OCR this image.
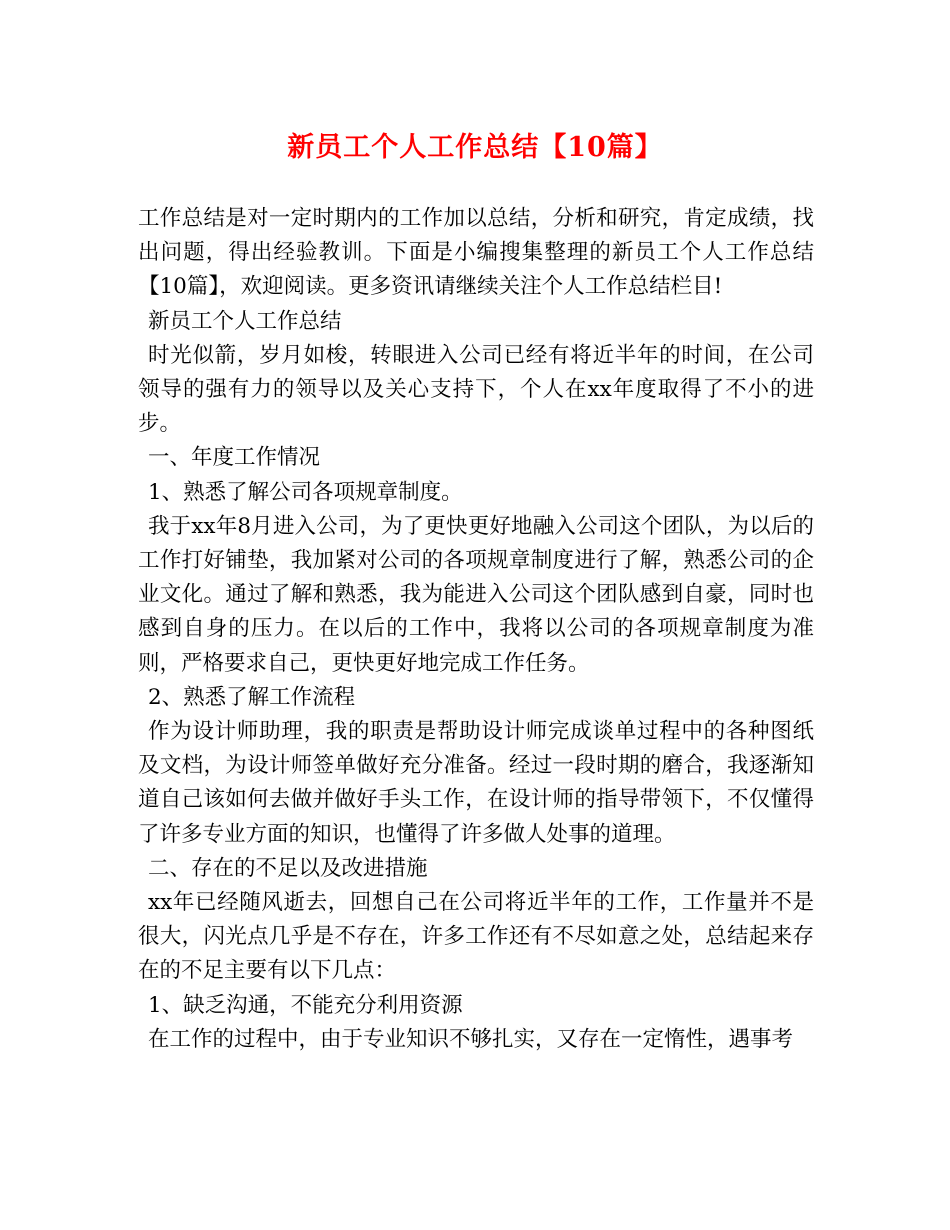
新员工个人工作总结【10篇】

工作总结是对一定时期内的工作加以总结，分析和研究，肯定成绩，找出问题，得出经验教训。下面是小编搜集整理的新员工个人工作总结【10篇】，欢迎阅读。更多资讯请继续关注个人工作总结栏目!

新员工个人工作总结

时光似箭，岁月如梭，转眼进入公司已经有将近半年的时间，在公司领导的强有力的领导以及关心支持下，个人在xx年度取得了不小的进步。

一、年度工作情况

1、熟悉了解公司各项规章制度。

我于xx年8月进入公司，为了更快更好地融入公司这个团队，为以后的工作打好铺垫，我加紧对公司的各项规章制度进行了解，熟悉公司的企业文化。通过了解和熟悉，我为能进入公司这个团队感到自豪，同时也感到自身的压力。在以后的工作中，我将以公司的各项规章制度为准则，严格要求自己，更快更好地完成工作任务。

2、熟悉了解工作流程

作为设计师助理，我的职责是帮助设计师完成谈单过程中的各种图纸及文档，为设计师签单做好充分准备。经过一段时期的磨合，我逐渐知道自己该如何去做并做好手头工作，在设计师的指导带领下，不仅懂得了许多专业方面的知识，也懂得了许多做人处事的道理。

二、存在的不足以及改进措施

xx年已经随风逝去，回想自己在公司将近半年的工作，工作量并不是很大，闪光点几乎是不存在，许多工作还有不尽如意之处，总结起来存在的不足主要有以下几点：

1、缺乏沟通，不能充分利用资源

在工作的过程中，由于专业知识不够扎实，又存在一定惰性，遇事考
